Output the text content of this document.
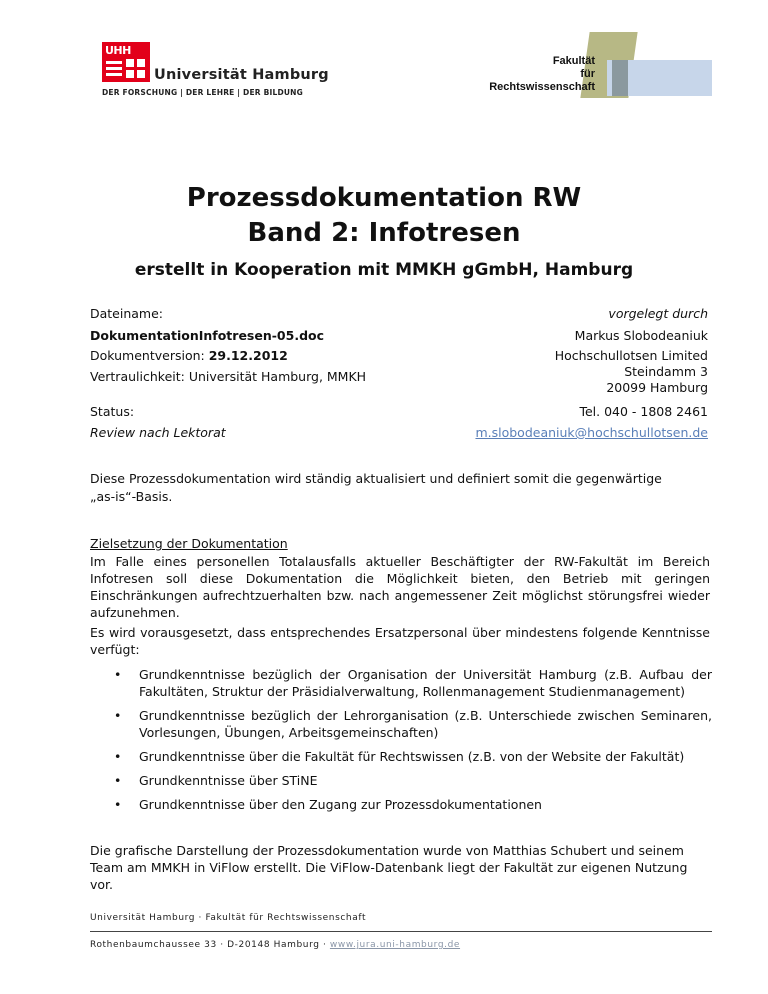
UHH
Universität Hamburg
DER FORSCHUNG | DER LEHRE | DER BILDUNG
Fakultät
für
Rechtswissenschaft
Prozessdokumentation RW
Band 2: Infotresen
erstellt in Kooperation mit MMKH gGmbH, Hamburg
Dateiname:
DokumentationInfotresen-05.doc
Dokumentversion: 29.12.2012
Vertraulichkeit: Universität Hamburg, MMKH
Status:
Review nach Lektorat
vorgelegt durch
Markus Slobodeaniuk
Hochschullotsen Limited
Steindamm 3
20099 Hamburg
Tel. 040 - 1808 2461
m.slobodeaniuk@hochschullotsen.de
Diese Prozessdokumentation wird ständig aktualisiert und definiert somit die gegenwärtige
„as-is“-Basis.
Zielsetzung der Dokumentation
Im Falle eines personellen Totalausfalls aktueller Beschäftigter der RW-Fakultät im Bereich Infotresen soll diese Dokumentation die Möglichkeit bieten, den Betrieb mit geringen Einschränkungen aufrechtzuerhalten bzw. nach angemessener Zeit möglichst störungsfrei wieder aufzunehmen.
Es wird vorausgesetzt, dass entsprechendes Ersatzpersonal über mindestens folgende Kenntnisse verfügt:
• Grundkenntnisse bezüglich der Organisation der Universität Hamburg (z.B. Aufbau der Fakultäten, Struktur der Präsidialverwaltung, Rollenmanagement Studienmanagement)
• Grundkenntnisse bezüglich der Lehrorganisation (z.B. Unterschiede zwischen Seminaren, Vorlesungen, Übungen, Arbeitsgemeinschaften)
• Grundkenntnisse über die Fakultät für Rechtswissen (z.B. von der Website der Fakultät)
• Grundkenntnisse über STiNE
• Grundkenntnisse über den Zugang zur Prozessdokumentationen
Die grafische Darstellung der Prozessdokumentation wurde von Matthias Schubert und seinem Team am MMKH in ViFlow erstellt. Die ViFlow-Datenbank liegt der Fakultät zur eigenen Nutzung vor.
Universität Hamburg · Fakultät für Rechtswissenschaft
Rothenbaumchaussee 33 · D-20148 Hamburg · www.jura.uni-hamburg.de
